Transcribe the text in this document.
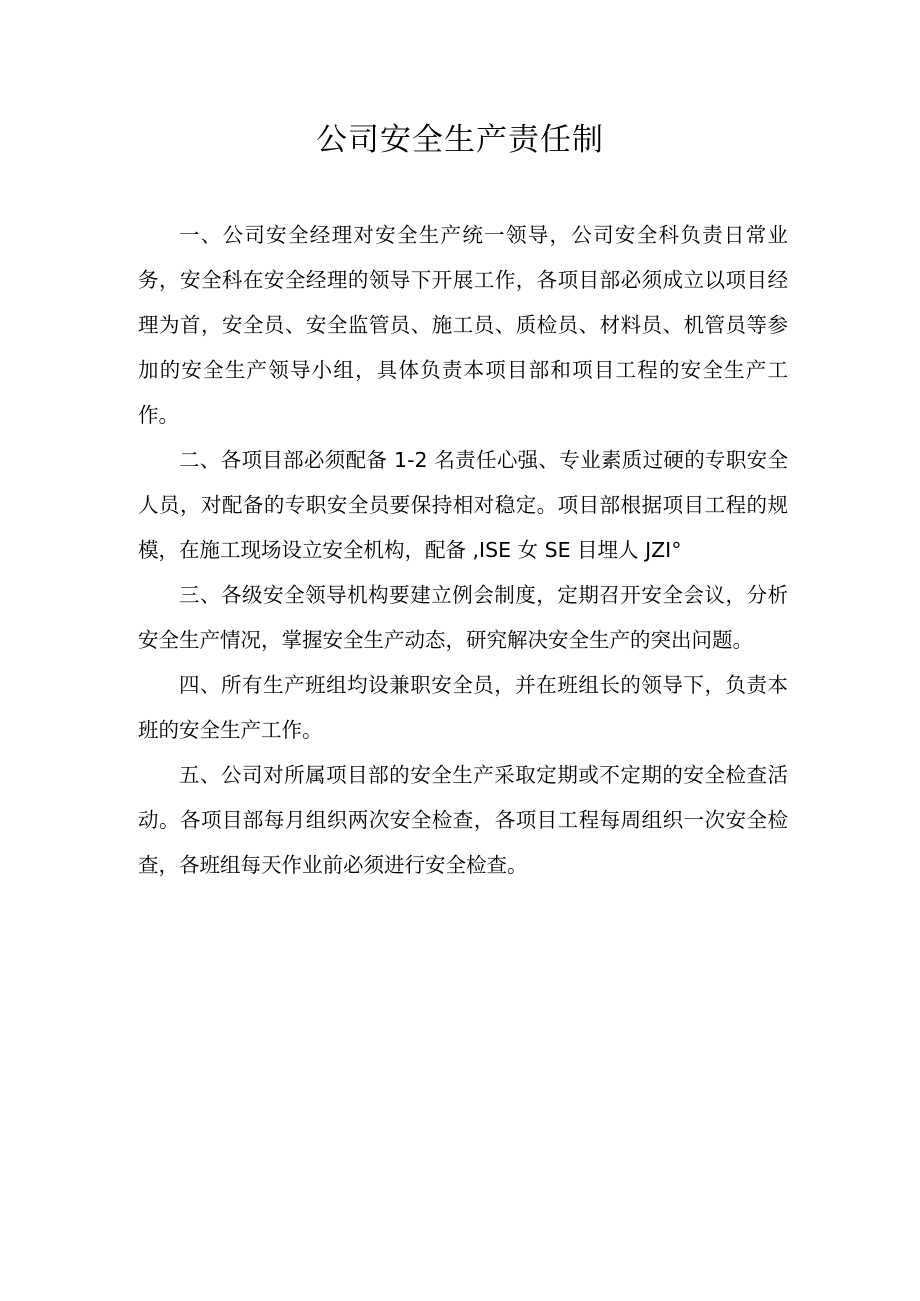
公司安全生产责任制

一、公司安全经理对安全生产统一领导，公司安全科负责日常业务，安全科在安全经理的领导下开展工作，各项目部必须成立以项目经理为首，安全员、安全监管员、施工员、质检员、材料员、机管员等参加的安全生产领导小组，具体负责本项目部和项目工程的安全生产工作。

二、各项目部必须配备 1-2 名责任心强、专业素质过硬的专职安全人员，对配备的专职安全员要保持相对稳定。项目部根据项目工程的规模，在施工现场设立安全机构，配备 ,ISE 女 SE 目埋人 JZI°

三、各级安全领导机构要建立例会制度，定期召开安全会议，分析安全生产情况，掌握安全生产动态，研究解决安全生产的突出问题。

四、所有生产班组均设兼职安全员，并在班组长的领导下，负责本班的安全生产工作。

五、公司对所属项目部的安全生产采取定期或不定期的安全检查活动。各项目部每月组织两次安全检查，各项目工程每周组织一次安全检查，各班组每天作业前必须进行安全检查。
